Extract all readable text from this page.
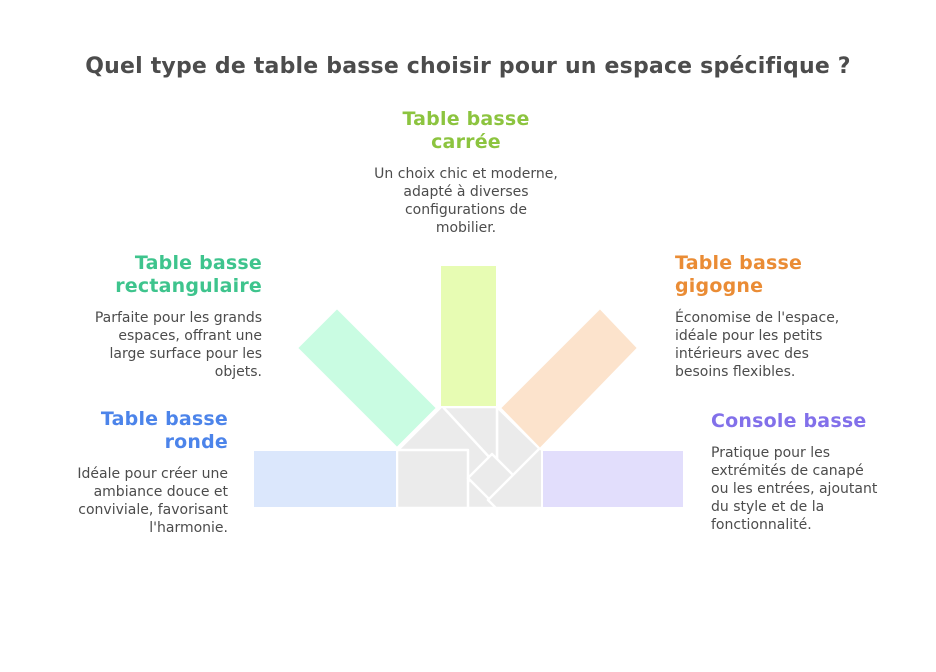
Quel type de table basse choisir pour un espace spécifique ?
Table basse
carrée

Un choix chic et moderne,
adapté à diverses
configurations de
mobilier.

Table basse
rectangulaire

Parfaite pour les grands
espaces, offrant une
large surface pour les
objets.

Table basse
ronde

Idéale pour créer une
ambiance douce et
conviviale, favorisant
l'harmonie.

Table basse
gigogne

Économise de l'espace,
idéale pour les petits
intérieurs avec des
besoins flexibles.

Console basse

Pratique pour les
extrémités de canapé
ou les entrées, ajoutant
du style et de la
fonctionnalité.
